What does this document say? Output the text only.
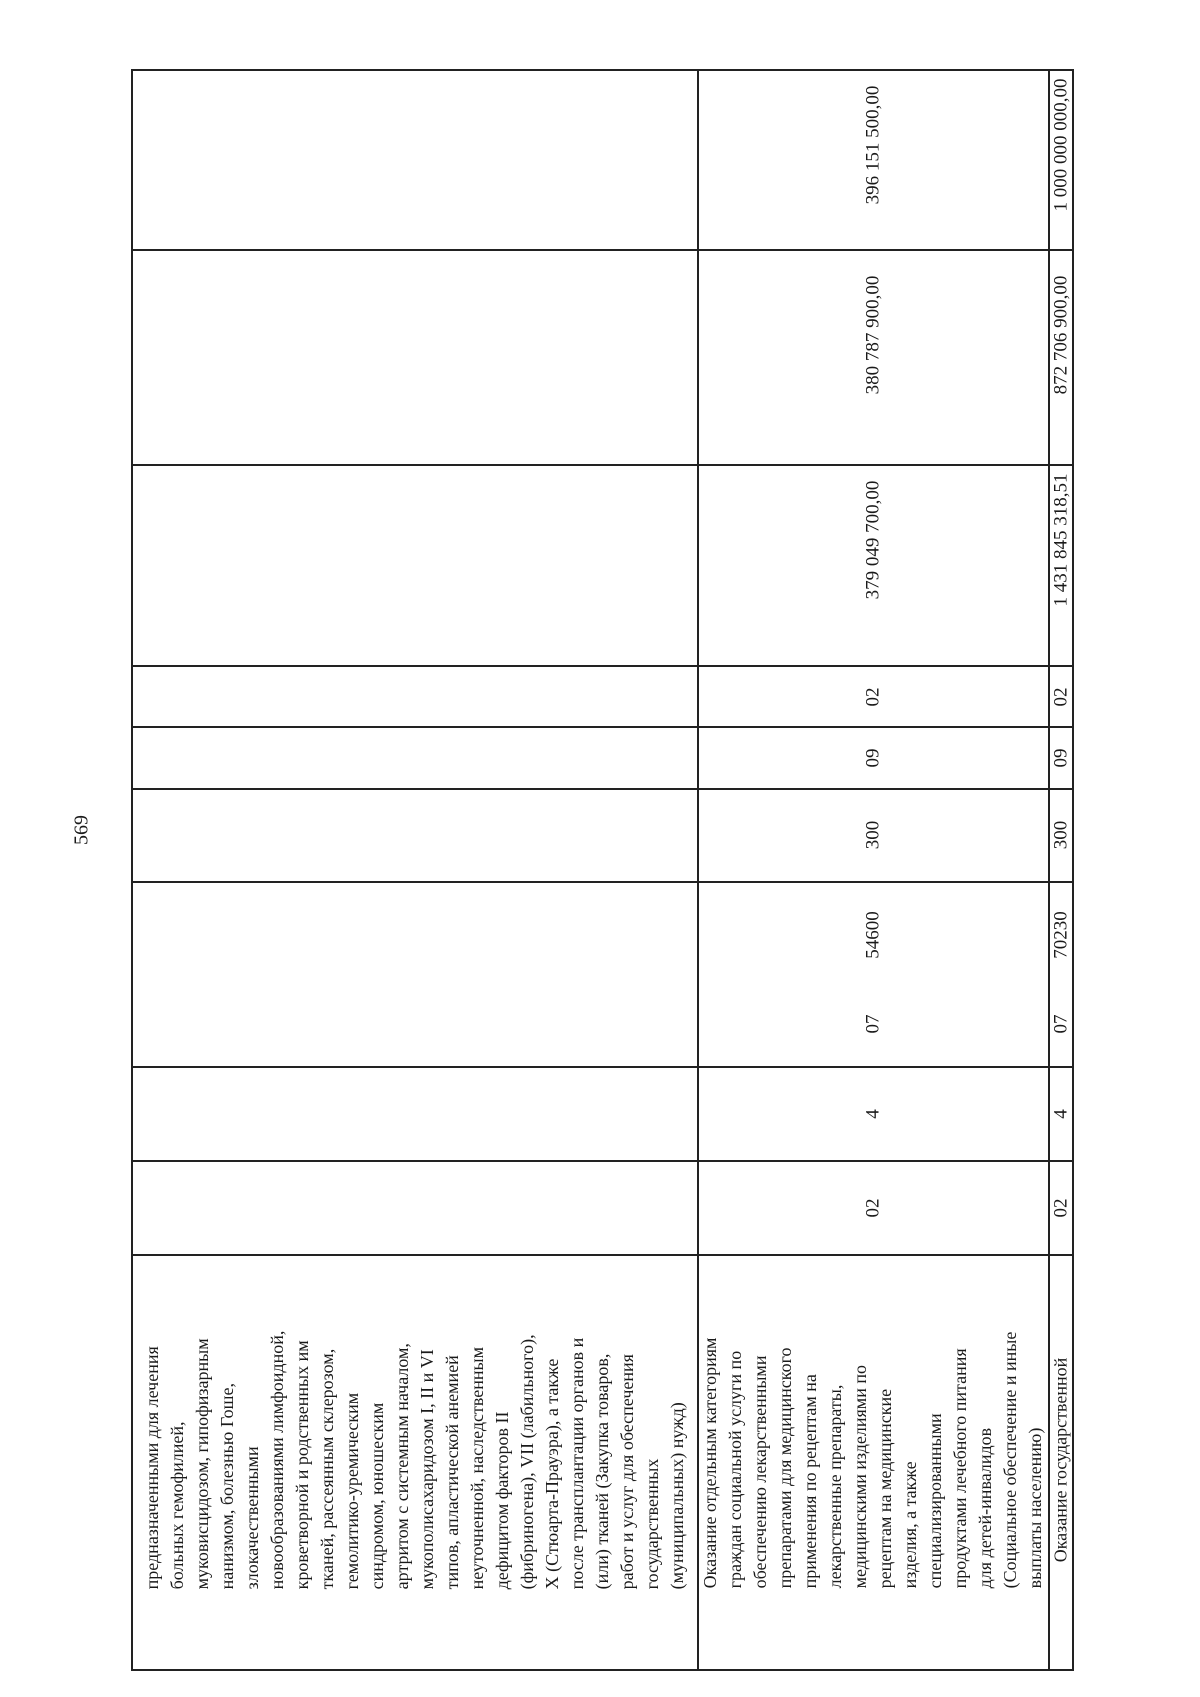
569
предназначенными для лечения больных гемофилией, муковисцидозом, гипофизарным нанизмом, болезнью Гоше, злокачественными новообразованиями лимфоидной, кроветворной и родственных им тканей, рассеянным склерозом, гемолитико-уремическим синдромом, юношеским артритом с системным началом, мукополисахаридозом I, II и VI типов, апластической анемией неуточненной, наследственным дефицитом факторов II (фибриногена), VII (лабильного), X (Стюарта-Прауэра), а также после трансплантации органов и (или) тканей (Закупка товаров, работ и услуг для обеспечения государственных (муниципальных) нужд) Оказание отдельным категориям граждан социальной услуги по обеспечению лекарственными препаратами для медицинского применения по рецептам на лекарственные препараты, медицинскими изделиями по рецептам на медицинские изделия, а также специализированными продуктами лечебного питания для детей-инвалидов (Социальное обеспечение и иные выплаты населению)
02
4
07
54600
300
09
02
379 049 700,00
380 787 900,00
396 151 500,00
Оказание государственной
02
4
07
70230
300
09
02
1 431 845 318,51
872 706 900,00
1 000 000 000,00
